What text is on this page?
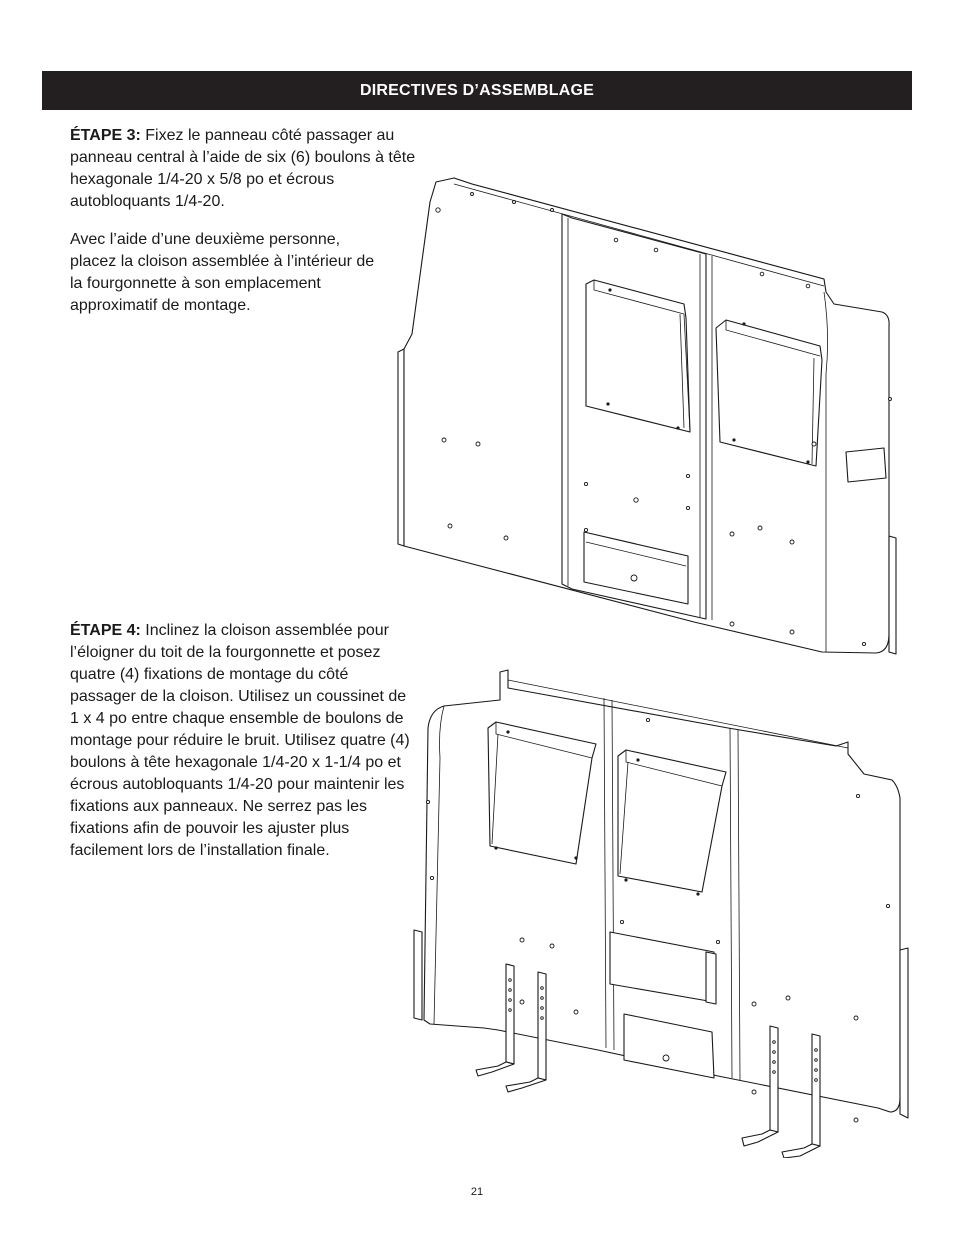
DIRECTIVES D’ASSEMBLAGE

ÉTAPE 3: Fixez le panneau côté passager au panneau central à l’aide de six (6) boulons à tête hexagonale 1/4-20 x 5/8 po et écrous autobloquants 1/4-20.

Avec l’aide d’une deuxième personne, placez la cloison assemblée à l’intérieur de la fourgonnette à son emplacement approximatif de montage.

ÉTAPE 4: Inclinez la cloison assemblée pour l’éloigner du toit de la fourgonnette et posez quatre (4) fixations de montage du côté passager de la cloison. Utilisez un coussinet de 1 x 4 po entre chaque ensemble de boulons de montage pour réduire le bruit. Utilisez quatre (4) boulons à tête hexagonale 1/4-20 x 1-1/4 po et écrous autobloquants 1/4-20 pour maintenir les fixations aux panneaux. Ne serrez pas les fixations afin de pouvoir les ajuster plus facilement lors de l’installation finale.

21
